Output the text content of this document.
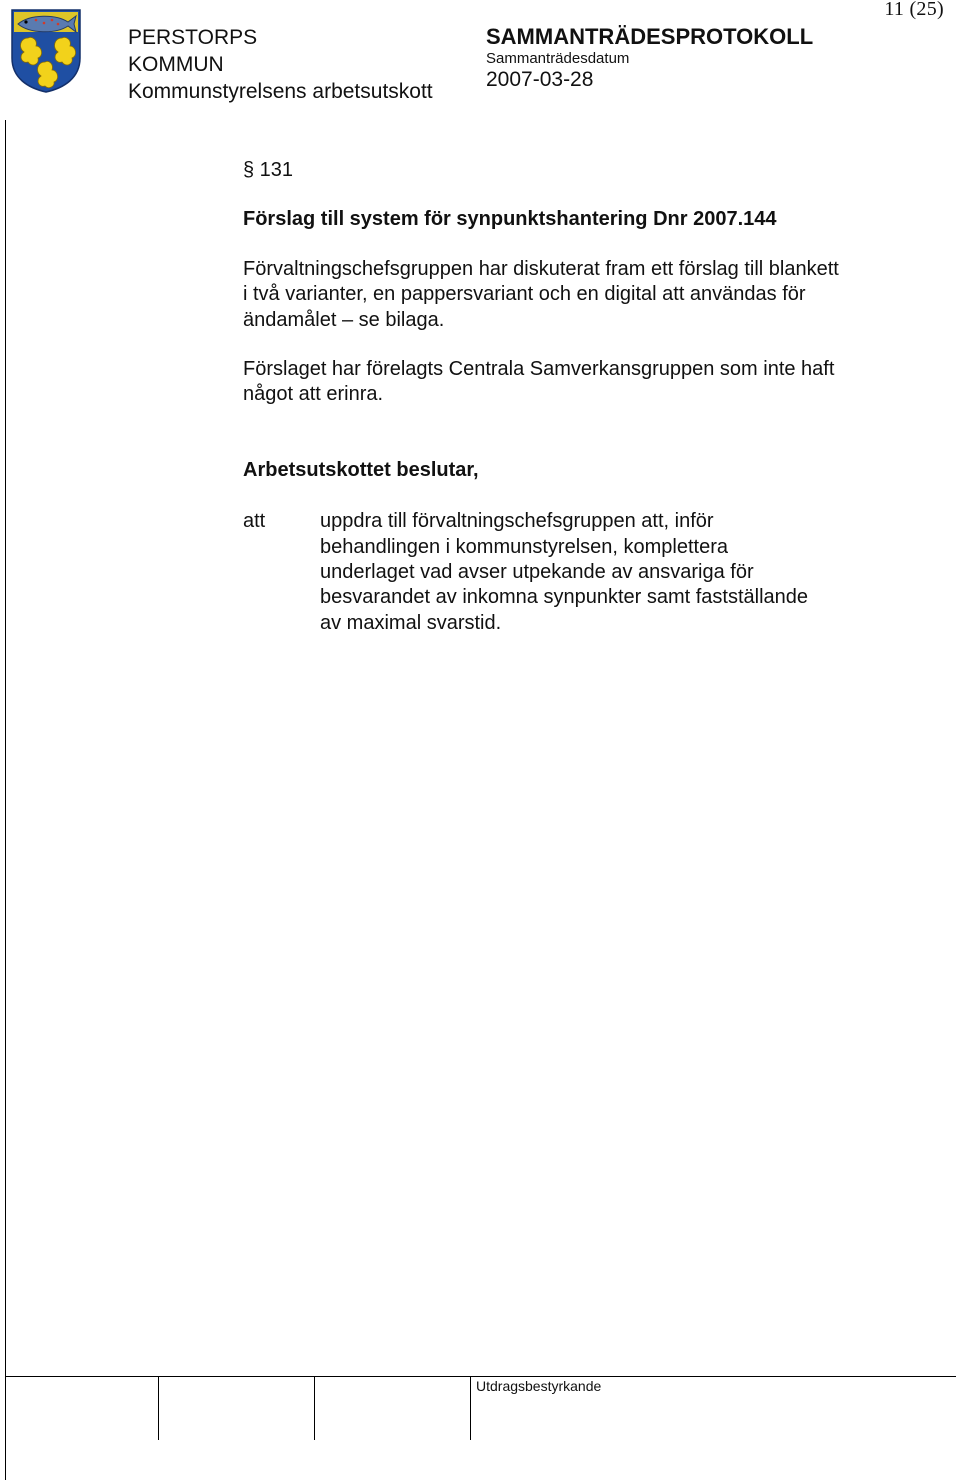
11 (25)
PERSTORPS
KOMMUN
Kommunstyrelsens arbetsutskott
SAMMANTRÄDESPROTOKOLL
Sammanträdesdatum
2007-03-28
§ 131
Förslag till system för synpunktshantering Dnr 2007.144
Förvaltningschefsgruppen har diskuterat fram ett förslag till blankett i två varianter, en pappersvariant och en digital att användas för ändamålet – se bilaga.
Förslaget har förelagts Centrala Samverkansgruppen som inte haft något att erinra.
Arbetsutskottet beslutar,
att	uppdra till förvaltningschefsgruppen att, inför behandlingen i kommunstyrelsen, komplettera underlaget vad avser utpekande av ansvariga för besvarandet av inkomna synpunkter samt fastställande av maximal svarstid.
Utdragsbestyrkande
